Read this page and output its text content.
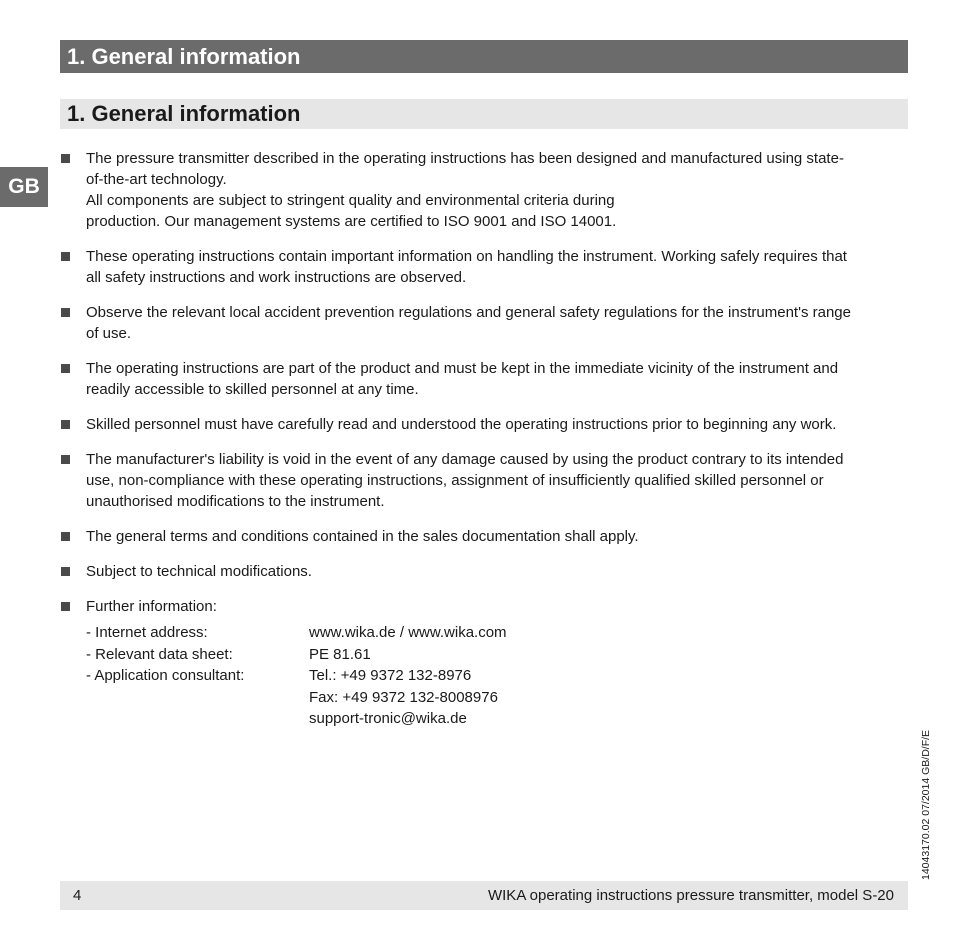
1. General information
1. General information
GB
The pressure transmitter described in the operating instructions has been designed and manufactured using state-
of-the-art technology.
All components are subject to stringent quality and environmental criteria during
production. Our management systems are certified to ISO 9001 and ISO 14001.
These operating instructions contain important information on handling the instrument. Working safely requires that
all safety instructions and work instructions are observed.
Observe the relevant local accident prevention regulations and general safety regulations for the instrument's range
of use.
The operating instructions are part of the product and must be kept in the immediate vicinity of the instrument and
readily accessible to skilled personnel at any time.
Skilled personnel must have carefully read and understood the operating instructions prior to beginning any work.
The manufacturer's liability is void in the event of any damage caused by using the product contrary to its intended
use, non-compliance with these operating instructions, assignment of insufficiently qualified skilled personnel or
unauthorised modifications to the instrument.
The general terms and conditions contained in the sales documentation shall apply.
Subject to technical modifications.
Further information:
- Internet address:	www.wika.de / www.wika.com
- Relevant data sheet:	PE 81.61
- Application consultant:	Tel.: +49 9372 132-8976
Fax: +49 9372 132-8008976
support-tronic@wika.de
4	WIKA operating instructions pressure transmitter, model S-20
14043170.02 07/2014 GB/D/F/E
